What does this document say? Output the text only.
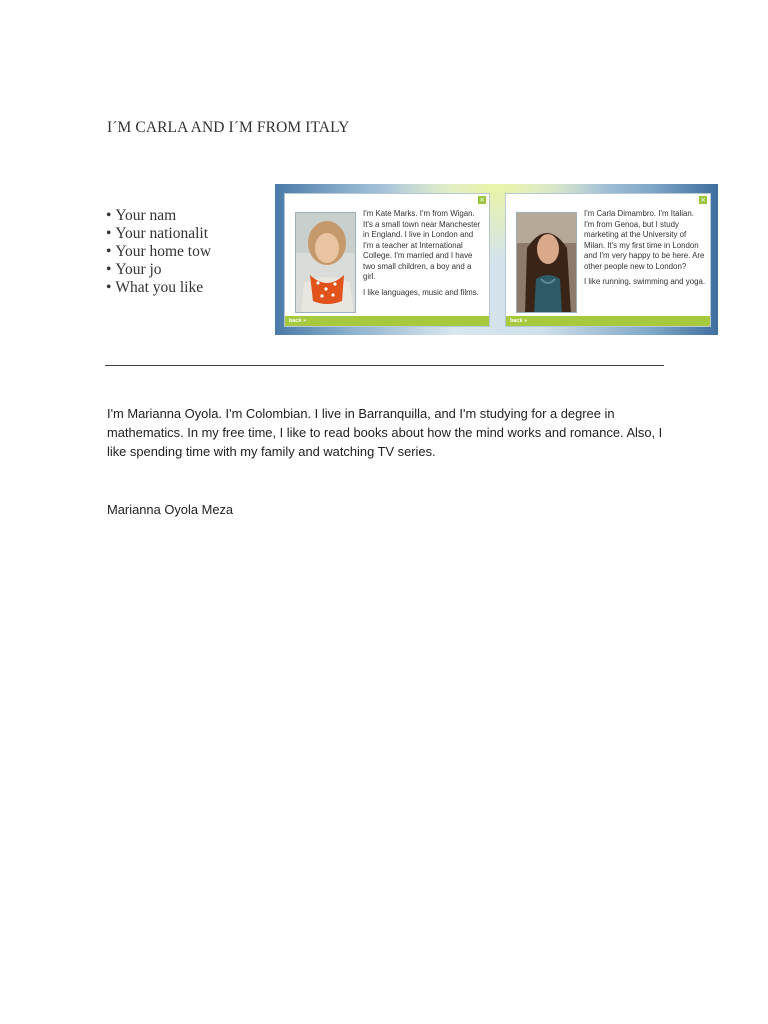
I´M CARLA AND I´M FROM ITALY
• Your nam
• Your nationalit
• Your home tow
• Your jo
• What you like
×

I'm Kate Marks. I'm from Wigan. It's a small town near Manchester in England. I live in London and I'm a teacher at International College. I'm married and I have two small children, a boy and a girl.

I like languages, music and films.

back »
×

I'm Carla Dimambro. I'm Italian. I'm from Genoa, but I study marketing at the University of Milan. It's my first time in London and I'm very happy to be here. Are other people new to London?

I like running, swimming and yoga.

back »

I'm Marianna Oyola. I'm Colombian. I live in Barranquilla, and I'm studying for a degree in mathematics. In my free time, I like to read books about how the mind works and romance. Also, I like spending time with my family and watching TV series.

Marianna Oyola Meza
